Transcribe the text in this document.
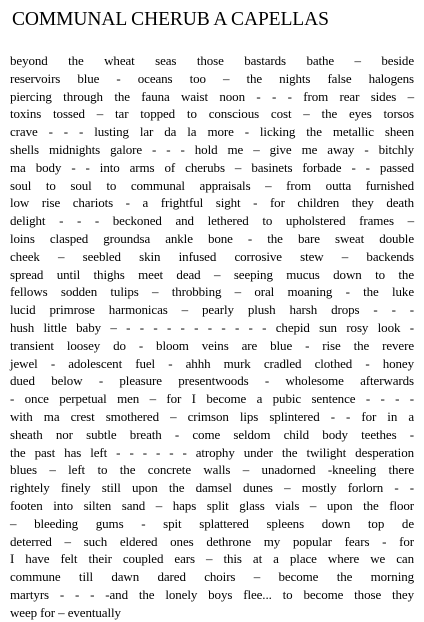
COMMUNAL CHERUB A CAPELLAS
beyond the wheat seas those bastards bathe – beside
reservoirs blue - oceans too – the nights false halogens
piercing through the fauna waist noon - - - from rear sides –
toxins tossed – tar topped to conscious cost – the eyes torsos
crave - - - lusting lar da la more - licking the metallic sheen
shells midnights galore - - - hold me – give me away - bitchly
ma body - - into arms of cherubs – basinets forbade - - passed
soul to soul to communal appraisals – from outta furnished
low rise chariots - a frightful sight - for children they death
delight - - - beckoned and lethered to upholstered frames –
loins clasped groundsa ankle bone - the bare sweat double
cheek – seebled skin infused corrosive stew – backends
spread until thighs meet dead – seeping mucus down to the
fellows sodden tulips – throbbing – oral moaning - the luke
lucid primrose harmonicas – pearly plush harsh drops - - -
hush little baby – - - - - - - - - - - - chepid sun rosy look -
transient loosey do - bloom veins are blue - rise the revere
jewel - adolescent fuel - ahhh murk cradled clothed - honey
dued below - pleasure presentwoods - wholesome afterwards
- once perpetual men – for I become a pubic sentence - - - -
with ma crest smothered – crimson lips splintered - - for in a
sheath nor subtle breath - come seldom child body teethes -
the past has left - - - - - - atrophy under the twilight desperation
blues – left to the concrete walls – unadorned -kneeling there
rightely finely still upon the damsel dunes – mostly forlorn - -
footen into silten sand – haps split glass vials – upon the floor
– bleeding gums - spit splattered spleens down top de
deterred – such eldered ones dethrone my popular fears - for
I have felt their coupled ears – this at a place where we can
commune till dawn dared choirs – become the morning
martyrs - - - -and the lonely boys flee... to become those they
weep for – eventually
